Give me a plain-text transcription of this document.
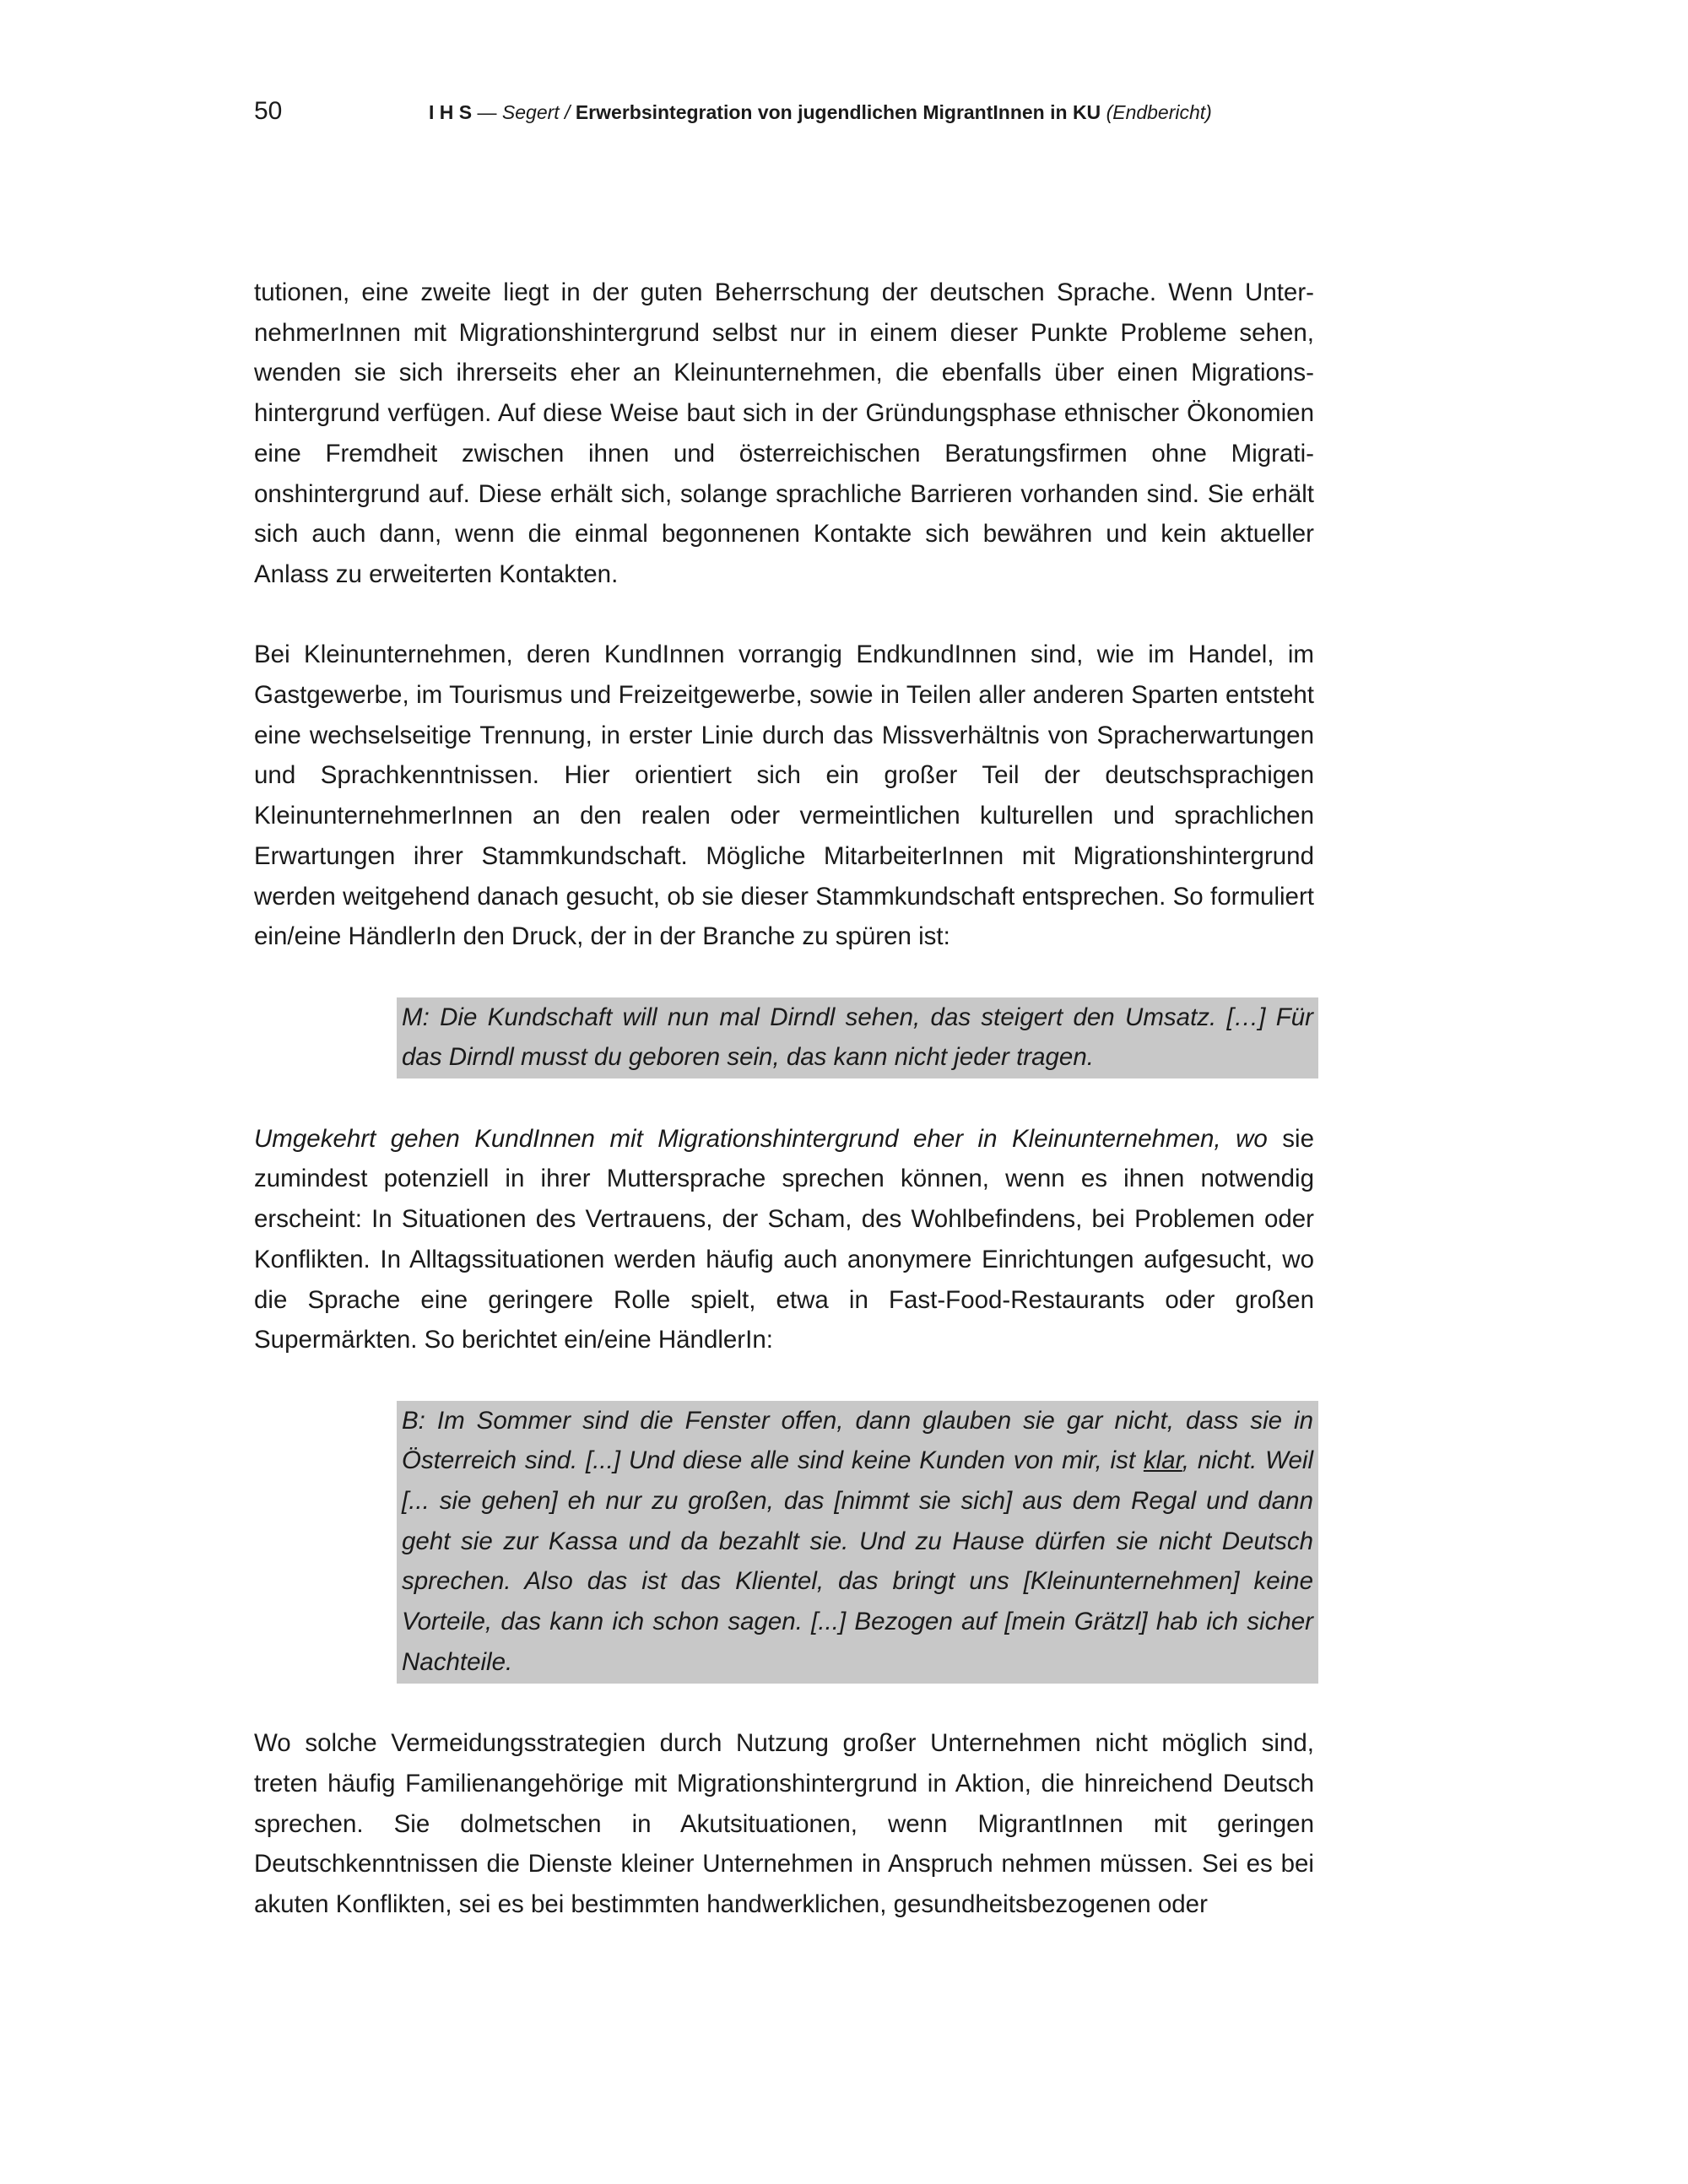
50	I H S — Segert / Erwerbsintegration von jugendlichen MigrantInnen in KU (Endbericht)

tutionen, eine zweite liegt in der guten Beherrschung der deutschen Sprache. Wenn UnternehmerInnen mit Migrationshintergrund selbst nur in einem dieser Punkte Probleme sehen, wenden sie sich ihrerseits eher an Kleinunternehmen, die ebenfalls über einen Migrationshintergrund verfügen. Auf diese Weise baut sich in der Gründungsphase ethnischer Ökonomien eine Fremdheit zwischen ihnen und österreichischen Beratungsfirmen ohne Migrationshintergrund auf. Diese erhält sich, solange sprachliche Barrieren vorhanden sind. Sie erhält sich auch dann, wenn die einmal begonnenen Kontakte sich bewähren und kein aktueller Anlass zu erweiterten Kontakten.

Bei Kleinunternehmen, deren KundInnen vorrangig EndkundInnen sind, wie im Handel, im Gastgewerbe, im Tourismus und Freizeitgewerbe, sowie in Teilen aller anderen Sparten entsteht eine wechselseitige Trennung, in erster Linie durch das Missverhältnis von Spracherwartungen und Sprachkenntnissen. Hier orientiert sich ein großer Teil der deutschsprachigen KleinunternehmerInnen an den realen oder vermeintlichen kulturellen und sprachlichen Erwartungen ihrer Stammkundschaft. Mögliche MitarbeiterInnen mit Migrationshintergrund werden weitgehend danach gesucht, ob sie dieser Stammkundschaft entsprechen. So formuliert ein/eine HändlerIn den Druck, der in der Branche zu spüren ist:

M: Die Kundschaft will nun mal Dirndl sehen, das steigert den Umsatz. […] Für das Dirndl musst du geboren sein, das kann nicht jeder tragen.

Umgekehrt gehen KundInnen mit Migrationshintergrund eher in Kleinunternehmen, wo sie zumindest potenziell in ihrer Muttersprache sprechen können, wenn es ihnen notwendig erscheint: In Situationen des Vertrauens, der Scham, des Wohlbefindens, bei Problemen oder Konflikten. In Alltagssituationen werden häufig auch anonymere Einrichtungen aufgesucht, wo die Sprache eine geringere Rolle spielt, etwa in Fast-Food-Restaurants oder großen Supermärkten. So berichtet ein/eine HändlerIn:

B: Im Sommer sind die Fenster offen, dann glauben sie gar nicht, dass sie in Österreich sind. [...] Und diese alle sind keine Kunden von mir, ist klar, nicht. Weil [... sie gehen] eh nur zu großen, das [nimmt sie sich] aus dem Regal und dann geht sie zur Kassa und da bezahlt sie. Und zu Hause dürfen sie nicht Deutsch sprechen. Also das ist das Klientel, das bringt uns [Kleinunternehmen] keine Vorteile, das kann ich schon sagen. [...] Bezogen auf [mein Grätzl] hab ich sicher Nachteile.

Wo solche Vermeidungsstrategien durch Nutzung großer Unternehmen nicht möglich sind, treten häufig Familienangehörige mit Migrationshintergrund in Aktion, die hinreichend Deutsch sprechen. Sie dolmetschen in Akutsituationen, wenn MigrantInnen mit geringen Deutschkenntnissen die Dienste kleiner Unternehmen in Anspruch nehmen müssen. Sei es bei akuten Konflikten, sei es bei bestimmten handwerklichen, gesundheitsbezogenen oder
